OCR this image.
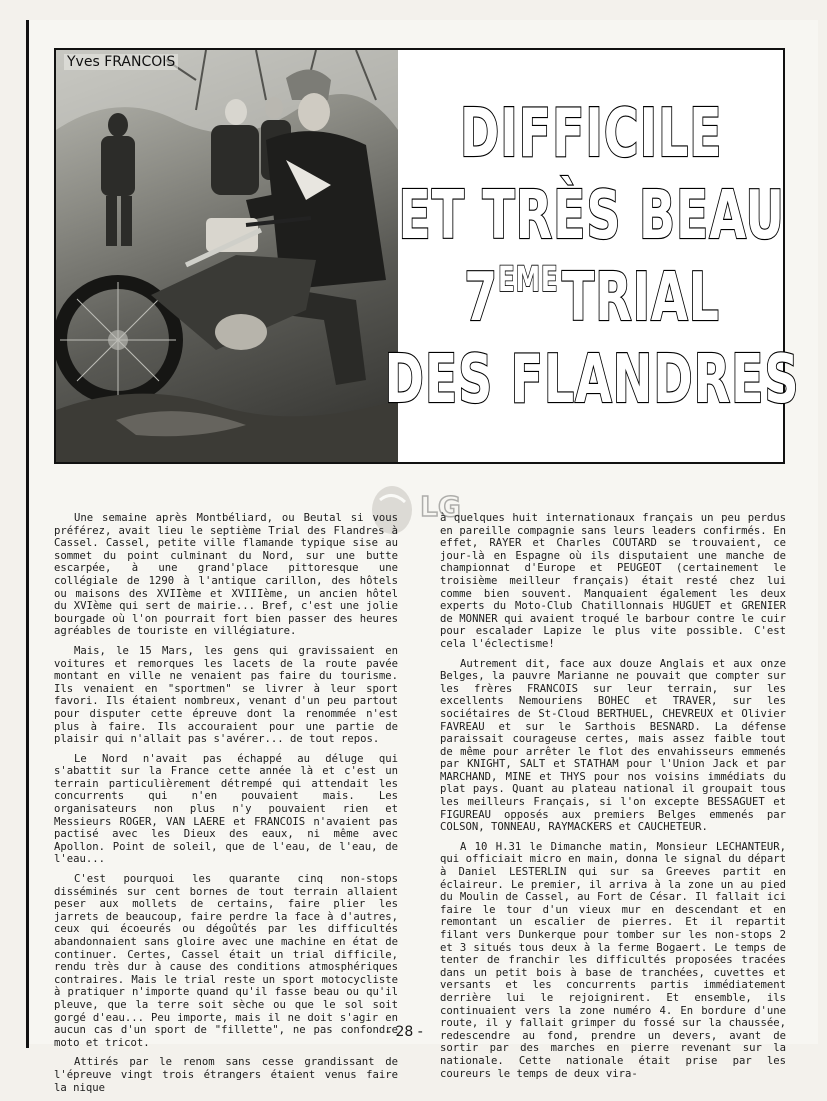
Yves FRANCOIS
DIFFICILE
ET TRÈS BEAU
7 EME TRIAL
DES FLANDRES
LG

Une semaine après Montbéliard, ou Beutal si vous préférez, avait lieu le septième Trial des Flandres à Cassel. Cassel, petite ville flamande typique sise au sommet du point culminant du Nord, sur une butte escarpée, à une grand'place pittoresque une collégiale de 1290 à l'antique carillon, des hôtels ou maisons des XVIIème et XVIIIème, un ancien hôtel du XVIème qui sert de mairie... Bref, c'est une jolie bourgade où l'on pourrait fort bien passer des heures agréables de touriste en villégiature.

Mais, le 15 Mars, les gens qui gravissaient en voitures et remorques les lacets de la route pavée montant en ville ne venaient pas faire du tourisme. Ils venaient en "sportmen" se livrer à leur sport favori. Ils étaient nombreux, venant d'un peu partout pour disputer cette épreuve dont la renommée n'est plus à faire. Ils accouraient pour une partie de plaisir qui n'allait pas s'avérer... de tout repos.

Le Nord n'avait pas échappé au déluge qui s'abattit sur la France cette année là et c'est un terrain particulièrement détrempé qui attendait les concurrents qui n'en pouvaient mais. Les organisateurs non plus n'y pouvaient rien et Messieurs ROGER, VAN LAERE et FRANCOIS n'avaient pas pactisé avec les Dieux des eaux, ni même avec Apollon. Point de soleil, que de l'eau, de l'eau, de l'eau...

C'est pourquoi les quarante cinq non-stops disséminés sur cent bornes de tout terrain allaient peser aux mollets de certains, faire plier les jarrets de beaucoup, faire perdre la face à d'autres, ceux qui écoeurés ou dégoûtés par les difficultés abandonnaient sans gloire avec une machine en état de continuer. Certes, Cassel était un trial difficile, rendu très dur à cause des conditions atmosphériques contraires. Mais le trial reste un sport motocycliste à pratiquer n'importe quand qu'il fasse beau ou qu'il pleuve, que la terre soit sèche ou que le sol soit gorgé d'eau... Peu importe, mais il ne doit s'agir en aucun cas d'un sport de "fillette", ne pas confondre moto et tricot.

Attirés par le renom sans cesse grandissant de l'épreuve vingt trois étrangers étaient venus faire la nique

à quelques huit internationaux français un peu perdus en pareille compagnie sans leurs leaders confirmés. En effet, RAYER et Charles COUTARD se trouvaient, ce jour-là en Espagne où ils disputaient une manche de championnat d'Europe et PEUGEOT (certainement le troisième meilleur français) était resté chez lui comme bien souvent. Manquaient également les deux experts du Moto-Club Chatillonnais HUGUET et GRENIER de MONNER qui avaient troqué le barbour contre le cuir pour escalader Lapize le plus vite possible. C'est cela l'éclectisme!

Autrement dit, face aux douze Anglais et aux onze Belges, la pauvre Marianne ne pouvait que compter sur les frères FRANCOIS sur leur terrain, sur les excellents Nemouriens BOHEC et TRAVER, sur les sociétaires de St-Cloud BERTHUEL, CHEVREUX et Olivier FAVREAU et sur le Sarthois BESNARD. La défense paraissait courageuse certes, mais assez faible tout de même pour arrêter le flot des envahisseurs emmenés par KNIGHT, SALT et STATHAM pour l'Union Jack et par MARCHAND, MINE et THYS pour nos voisins immédiats du plat pays. Quant au plateau national il groupait tous les meilleurs Français, si l'on excepte BESSAGUET et FIGUREAU opposés aux premiers Belges emmenés par COLSON, TONNEAU, RAYMACKERS et CAUCHETEUR.

A 10 H.31 le Dimanche matin, Monsieur LECHANTEUR, qui officiait micro en main, donna le signal du départ à Daniel LESTERLIN qui sur sa Greeves partit en éclaireur. Le premier, il arriva à la zone un au pied du Moulin de Cassel, au Fort de César. Il fallait ici faire le tour d'un vieux mur en descendant et en remontant un escalier de pierres. Et il repartit filant vers Dunkerque pour tomber sur les non-stops 2 et 3 situés tous deux à la ferme Bogaert. Le temps de tenter de franchir les difficultés proposées tracées dans un petit bois à base de tranchées, cuvettes et versants et les concurrents partis immédiatement derrière lui le rejoignirent. Et ensemble, ils continuaient vers la zone numéro 4. En bordure d'une route, il y fallait grimper du fossé sur la chaussée, redescendre au fond, prendre un devers, avant de sortir par des marches en pierre revenant sur la nationale. Cette nationale était prise par les coureurs le temps de deux vira-

- 28 -
